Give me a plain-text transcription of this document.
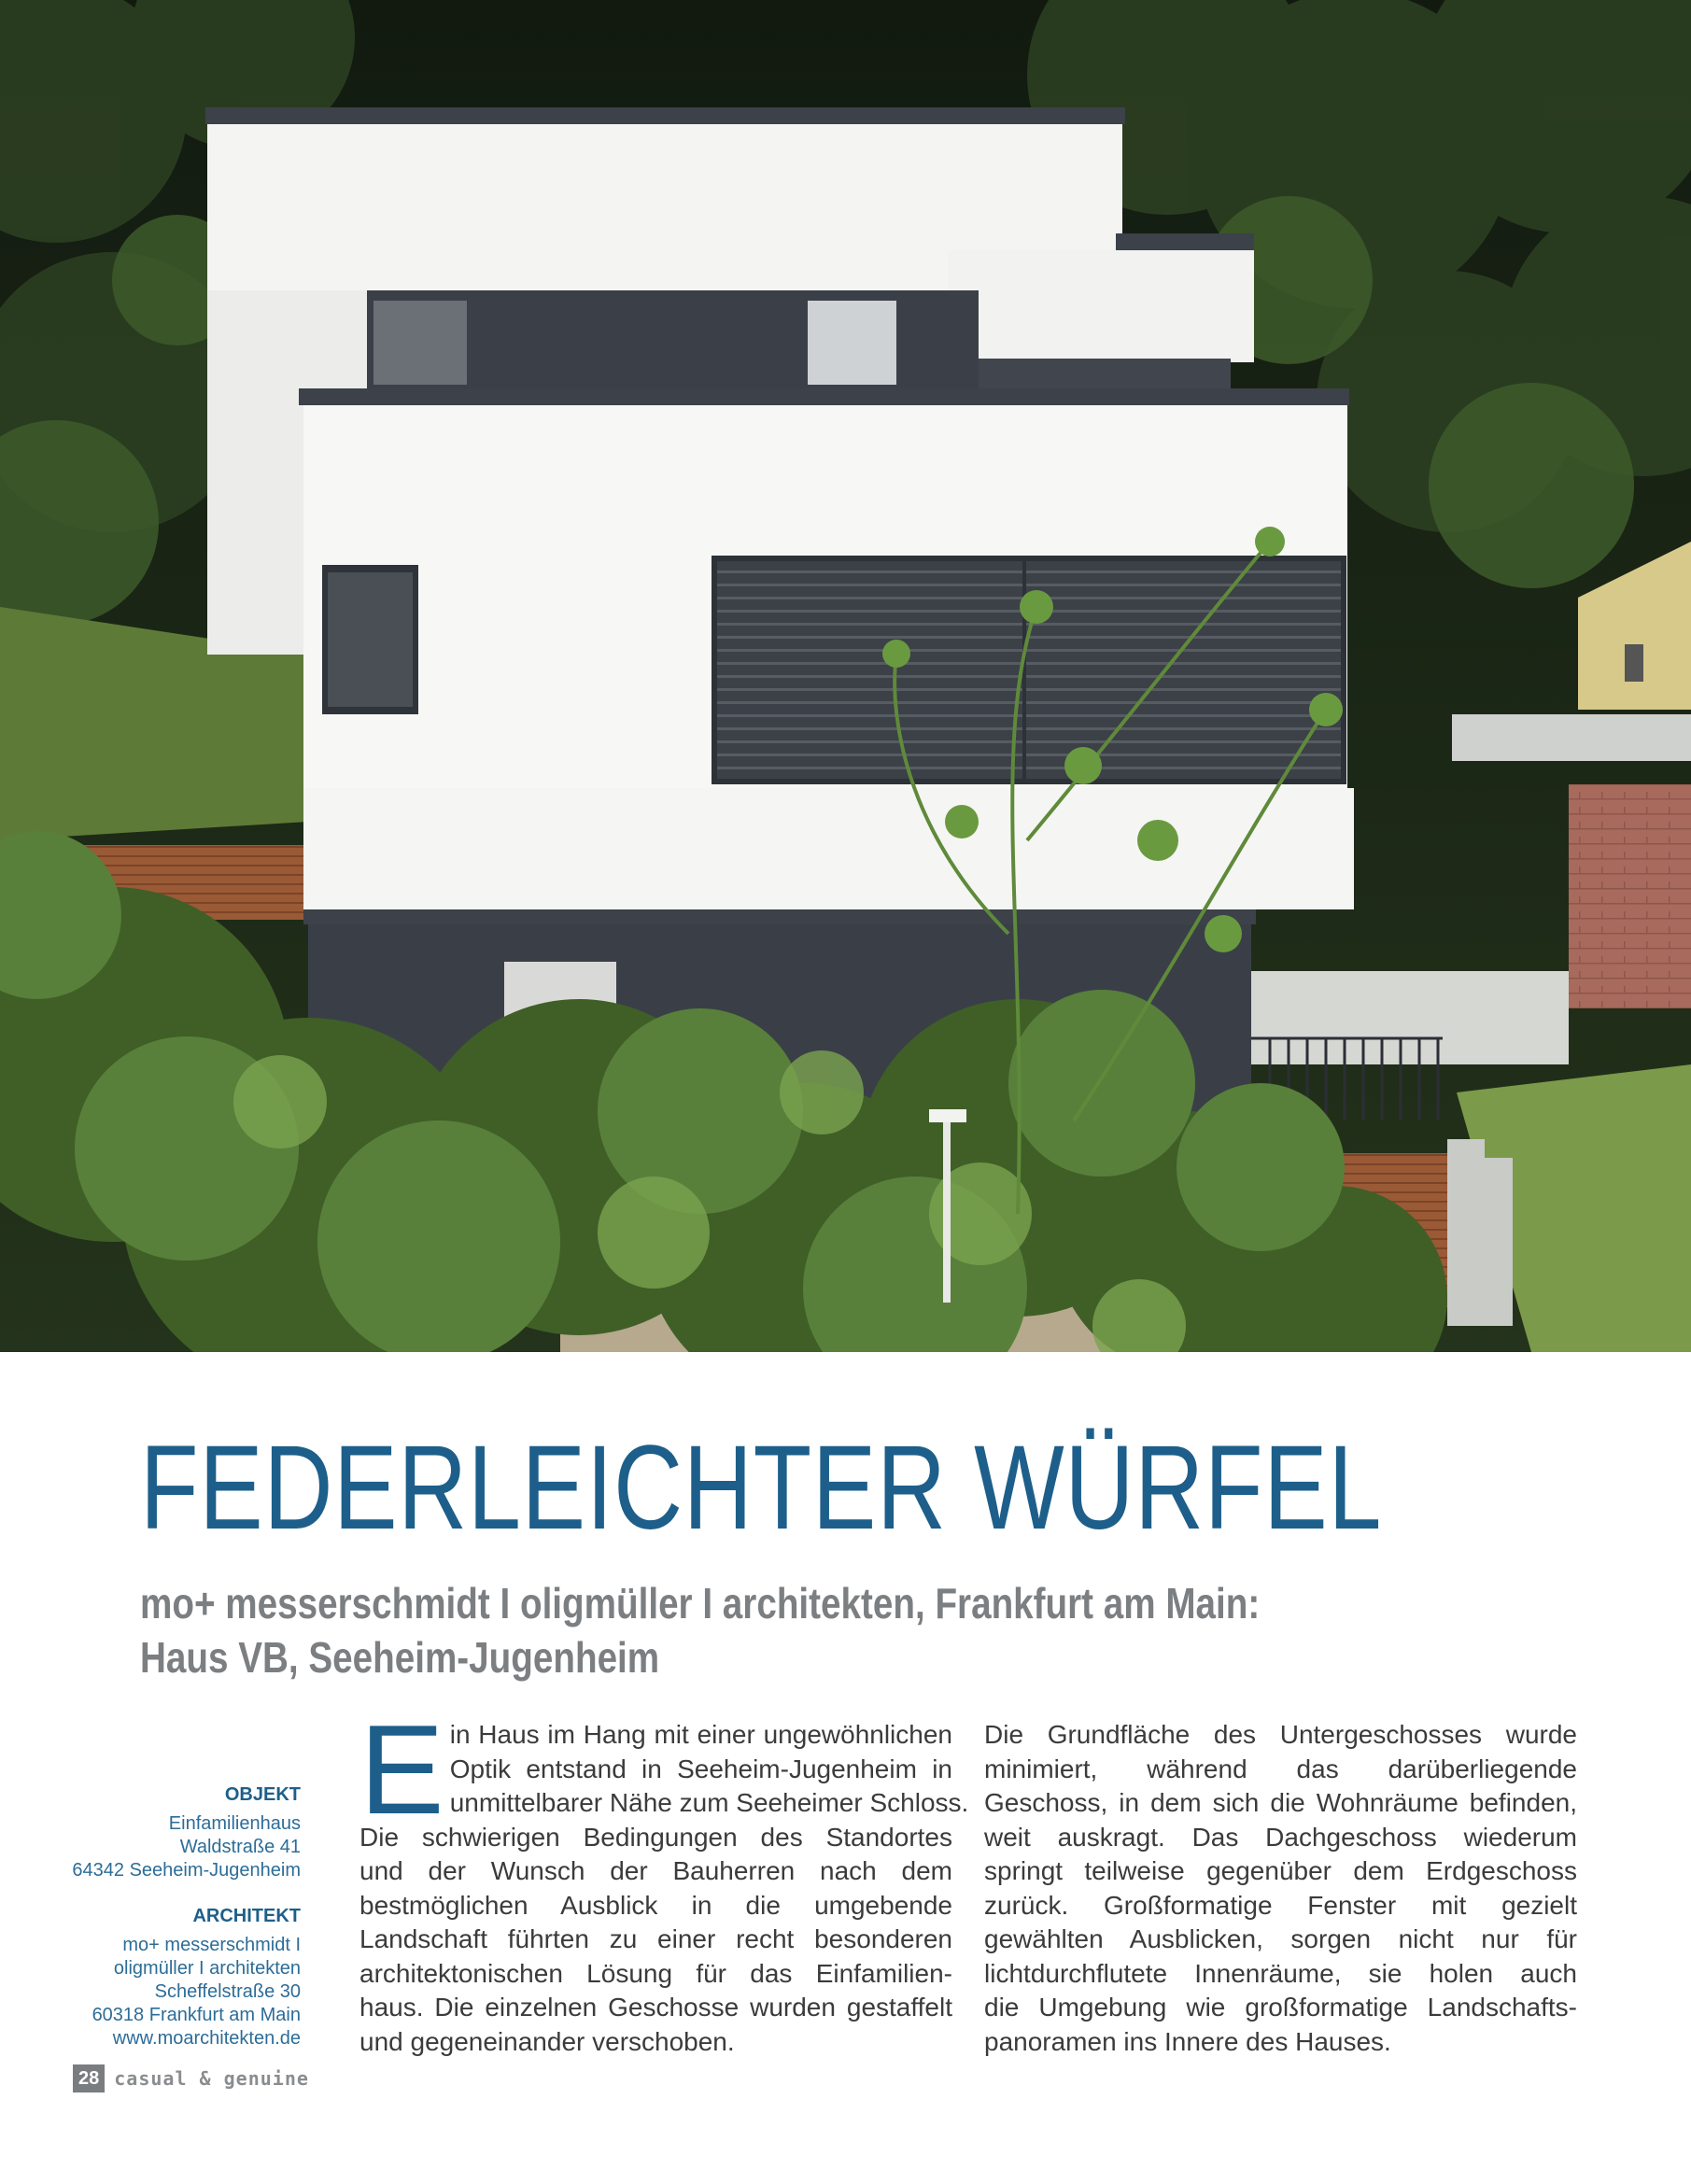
FEDERLEICHTER WÜRFEL
mo+ messerschmidt I oligmüller I architekten, Frankfurt am Main:
Haus VB, Seeheim-Jugenheim
OBJEKT
Einfamilienhaus
Waldstraße 41
64342 Seeheim-Jugenheim
ARCHITEKT
mo+ messerschmidt I
oligmüller I architekten
Scheffelstraße 30
60318 Frankfurt am Main
www.moarchitekten.de
E in Haus im Hang mit einer ungewöhnlichen
Optik entstand in Seeheim-Jugenheim in
unmittelbarer Nähe zum Seeheimer Schloss.
Die schwierigen Bedingungen des Standortes
und der Wunsch der Bauherren nach dem
bestmöglichen Ausblick in die umgebende
Landschaft führten zu einer recht besonderen
architektonischen Lösung für das Einfamilien-
haus. Die einzelnen Geschosse wurden gestaffelt
und gegeneinander verschoben.
Die Grundfläche des Untergeschosses wurde
minimiert, während das darüberliegende
Geschoss, in dem sich die Wohnräume befinden,
weit auskragt. Das Dachgeschoss wiederum
springt teilweise gegenüber dem Erdgeschoss
zurück. Großformatige Fenster mit gezielt
gewählten Ausblicken, sorgen nicht nur für
lichtdurchflutete Innenräume, sie holen auch
die Umgebung wie großformatige Landschafts-
panoramen ins Innere des Hauses.
28 casual & genuine
